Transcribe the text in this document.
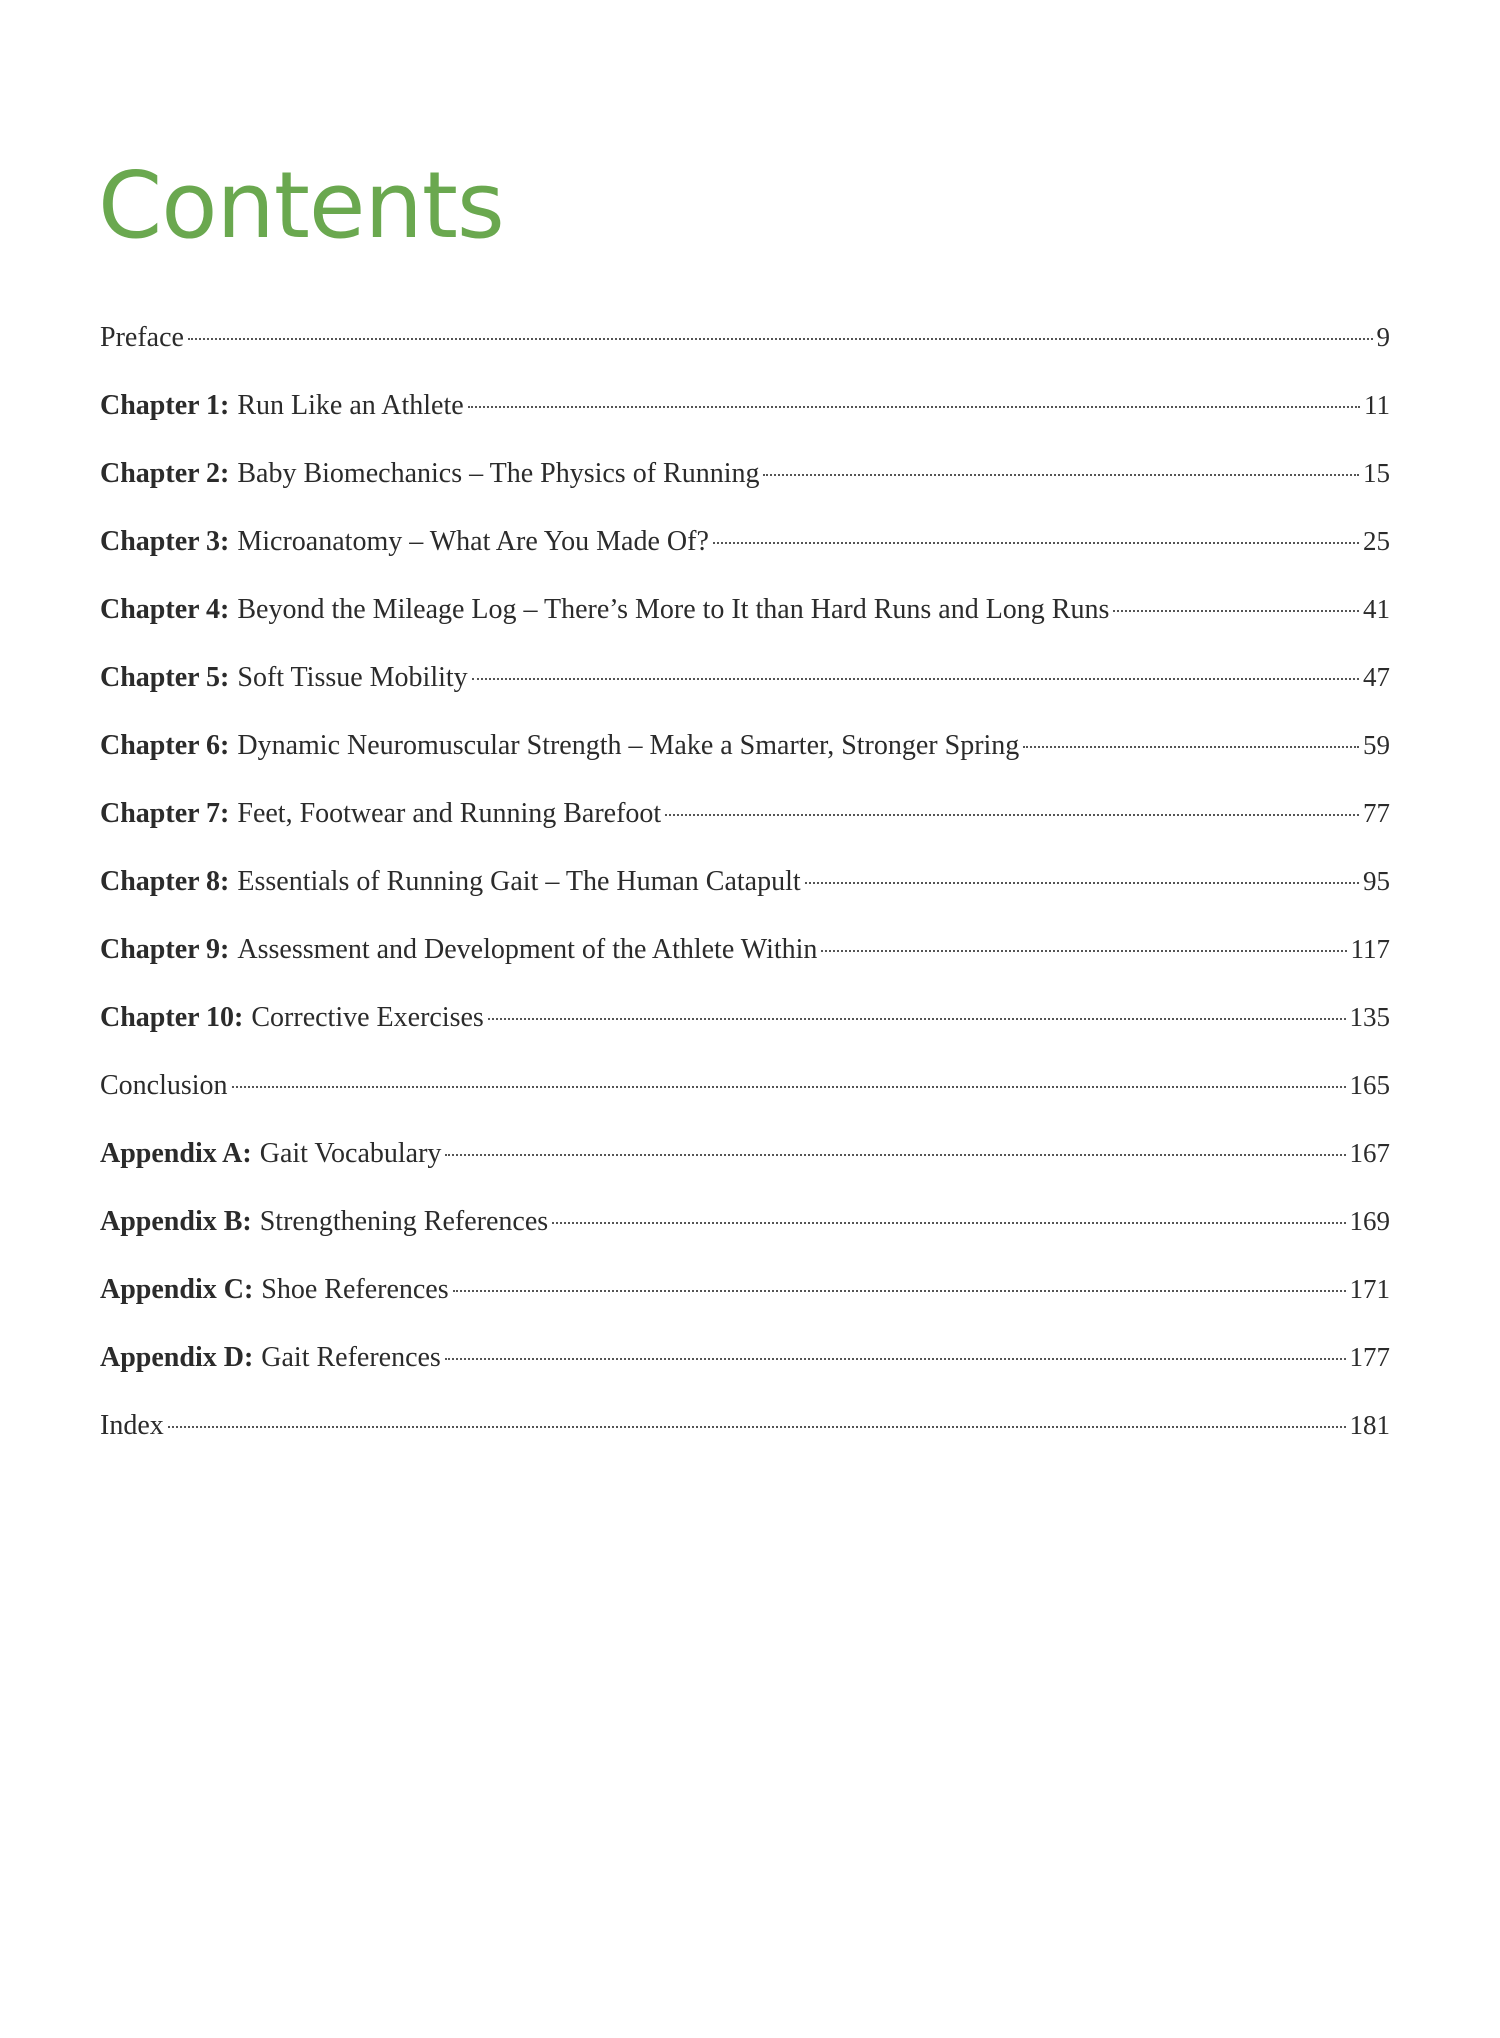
Contents
Preface	9
Chapter 1: Run Like an Athlete	11
Chapter 2: Baby Biomechanics – The Physics of Running	15
Chapter 3: Microanatomy – What Are You Made Of?	25
Chapter 4: Beyond the Mileage Log – There’s More to It than Hard Runs and Long Runs	41
Chapter 5: Soft Tissue Mobility	47
Chapter 6: Dynamic Neuromuscular Strength – Make a Smarter, Stronger Spring	59
Chapter 7: Feet, Footwear and Running Barefoot	77
Chapter 8: Essentials of Running Gait – The Human Catapult	95
Chapter 9: Assessment and Development of the Athlete Within	117
Chapter 10: Corrective Exercises	135
Conclusion	165
Appendix A: Gait Vocabulary	167
Appendix B: Strengthening References	169
Appendix C: Shoe References	171
Appendix D: Gait References	177
Index	181
